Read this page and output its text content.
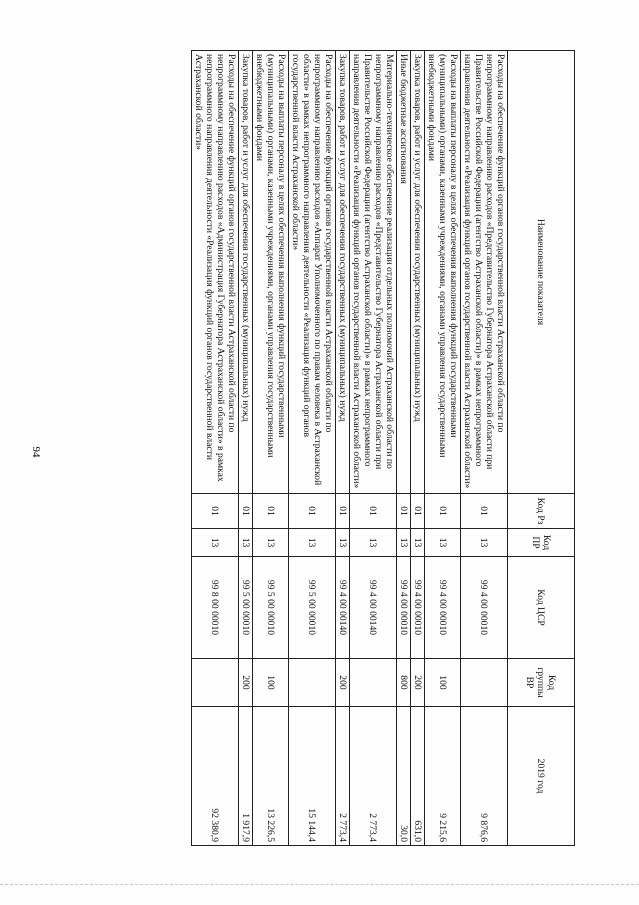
94
Наименование показателя	Код Рз	Код ПР	Код ЦСР	Код группы ВР	2019 год
Расходы на обеспечение функций органов государственной власти Астраханской области по непрограммному направлению расходов «Представительство Губернатора Астраханской области при Правительстве Российской Федерации (агентство Астраханской области)» в рамках непрограммного направления деятельности «Реализация функций органов государственной власти Астраханской области»	01	13	99 4 00 00010		9 876,6
Расходы на выплаты персоналу в целях обеспечения выполнения функций государственными (муниципальными) органами, казенными учреждениями, органами управления государственными внебюджетными фондами	01	13	99 4 00 00010	100	9 215,6
Закупка товаров, работ и услуг для обеспечения государственных (муниципальных) нужд	01	13	99 4 00 00010	200	631,0
Иные бюджетные ассигнования	01	13	99 4 00 00010	800	30,0
Материально-техническое обеспечение реализации отдельных полномочий Астраханской области по непрограммному направлению расходов «Представительство Губернатора Астраханской области при Правительстве Российской Федерации (агентство Астраханской области)» в рамках непрограммного направления деятельности «Реализация функций органов государственной власти Астраханской области»	01	13	99 4 00 00140		2 773,4
Закупка товаров, работ и услуг для обеспечения государственных (муниципальных) нужд	01	13	99 4 00 00140	200	2 773,4
Расходы на обеспечение функций органов государственной власти Астраханской области по непрограммному направлению расходов «Аппарат Уполномоченного по правам человека в Астраханской области» в рамках непрограммного направления деятельности «Реализация функций органов государственной власти Астраханской области»	01	13	99 5 00 00010		15 144,4
Расходы на выплаты персоналу в целях обеспечения выполнения функций государственными (муниципальными) органами, казенными учреждениями, органами управления государственными внебюджетными фондами	01	13	99 5 00 00010	100	13 226,5
Закупка товаров, работ и услуг для обеспечения государственных (муниципальных) нужд	01	13	99 5 00 00010	200	1 917,9
Расходы на обеспечение функций органов государственной власти Астраханской области по непрограммному направлению расходов «Администрация Губернатора Астраханской области» в рамках непрограммного направления деятельности «Реализация функций органов государственной власти Астраханской области»	01	13	99 8 00 00010		92 380,9
